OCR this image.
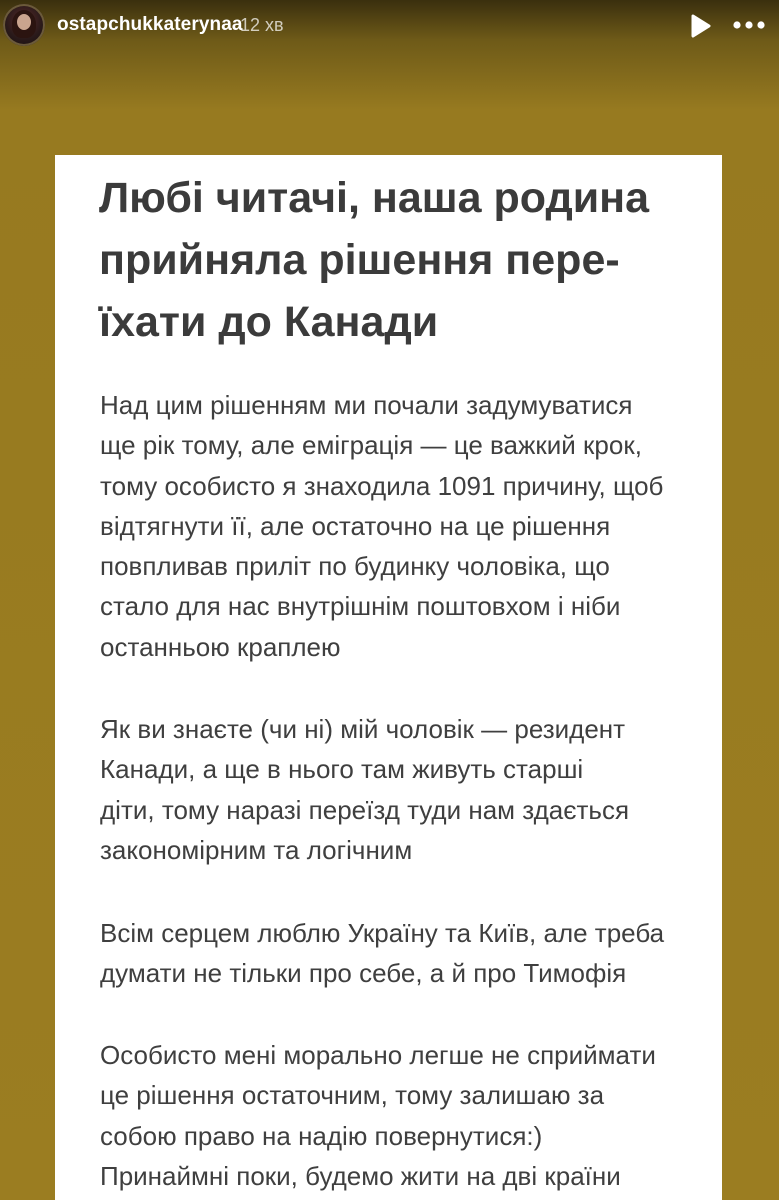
ostapchukkaterynaa
12 хв
Любі читачі, наша родина
прийняла рішення пере-
їхати до Канади

Над цим рішенням ми почали задумуватися
ще рік тому, але еміграція — це важкий крок,
тому особисто я знаходила 1091 причину, щоб
відтягнути її, але остаточно на це рішення
повпливав приліт по будинку чоловіка, що
стало для нас внутрішнім поштовхом і ніби
останньою краплею

Як ви знаєте (чи ні) мій чоловік — резидент
Канади, а ще в нього там живуть старші
діти, тому наразі переїзд туди нам здається
закономірним та логічним

Всім серцем люблю Україну та Київ, але треба
думати не тільки про себе, а й про Тимофія

Особисто мені морально легше не сприймати
це рішення остаточним, тому залишаю за
собою право на надію повернутися:)
Принаймні поки, будемо жити на дві країни
